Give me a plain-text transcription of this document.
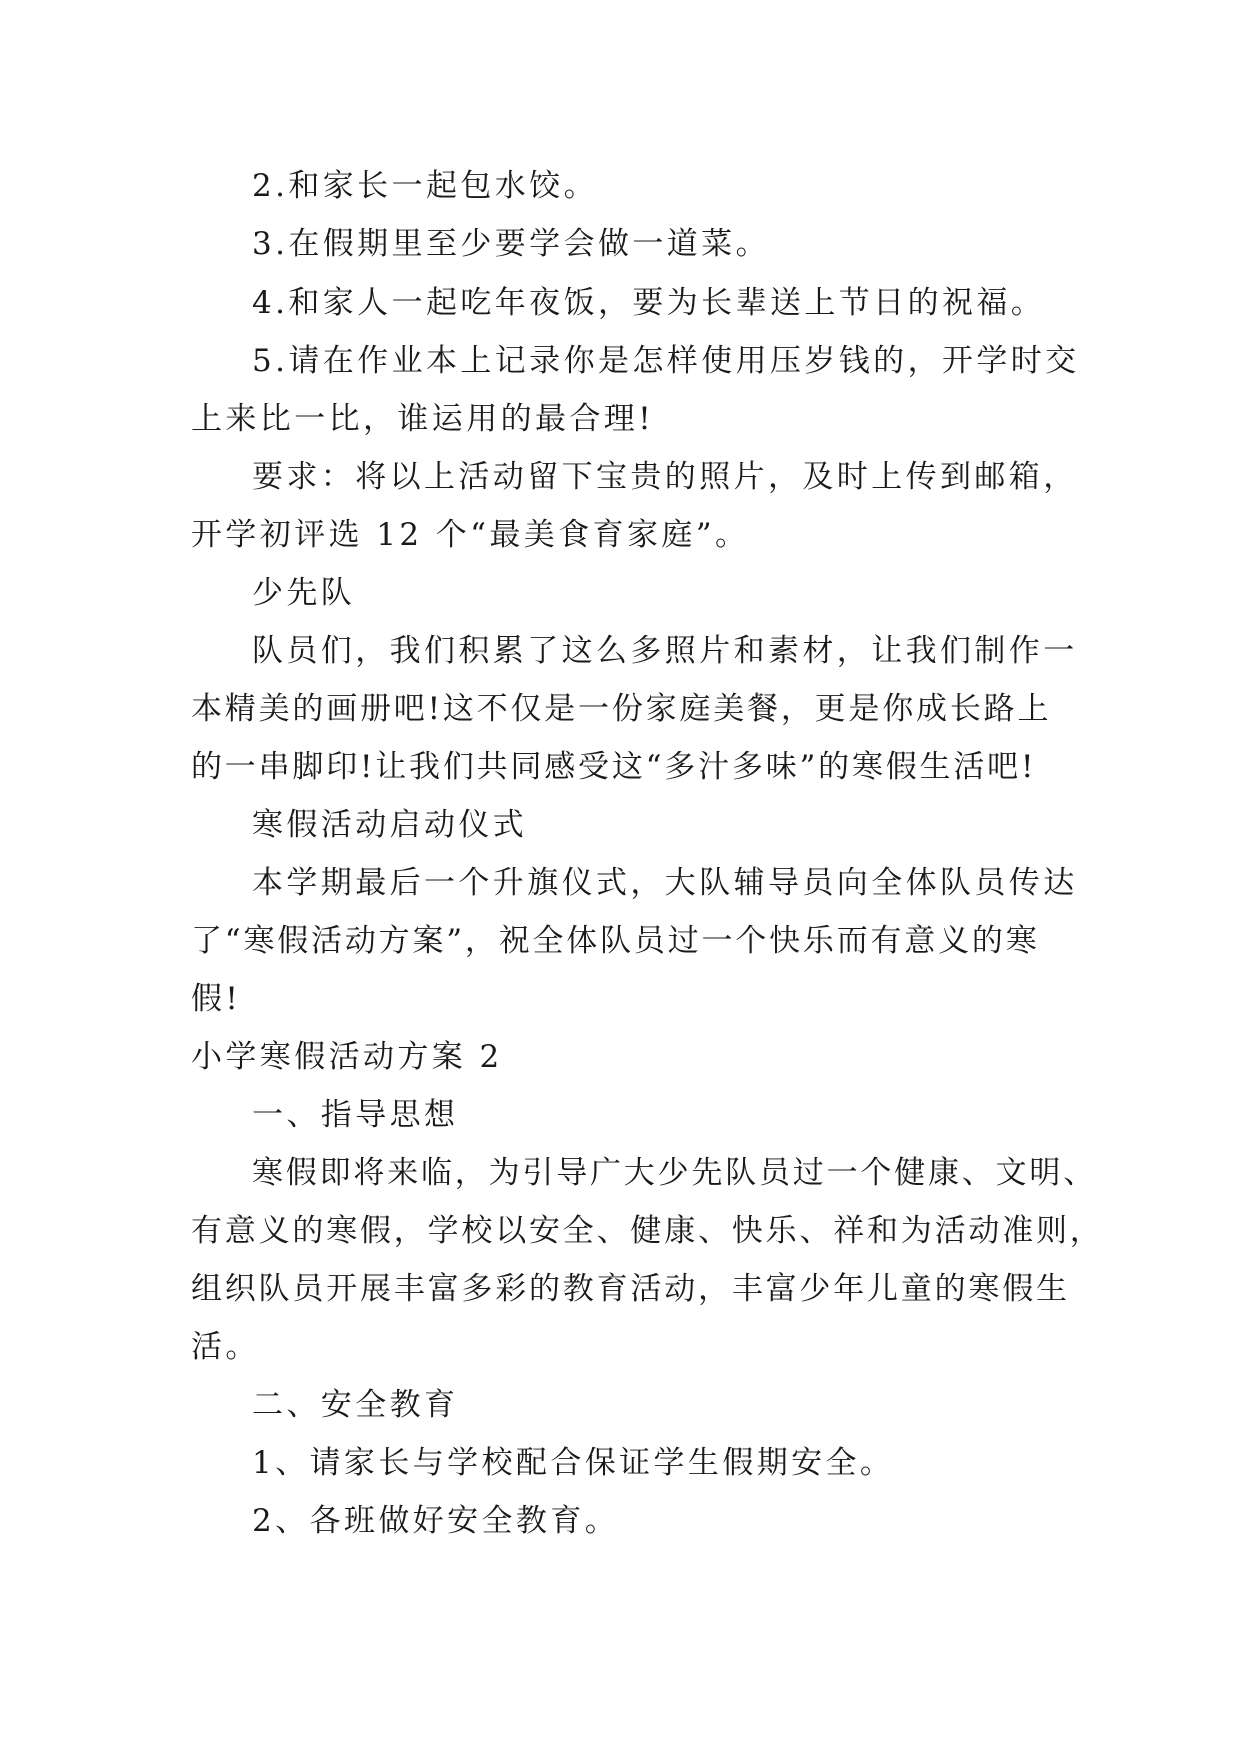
2.和家长一起包水饺。
3.在假期里至少要学会做一道菜。
4.和家人一起吃年夜饭，要为长辈送上节日的祝福。
5.请在作业本上记录你是怎样使用压岁钱的，开学时交
上来比一比，谁运用的最合理!
要求：将以上活动留下宝贵的照片，及时上传到邮箱，
开学初评选 12 个“最美食育家庭”。
少先队
队员们，我们积累了这么多照片和素材，让我们制作一
本精美的画册吧!这不仅是一份家庭美餐，更是你成长路上
的一串脚印!让我们共同感受这“多汁多味”的寒假生活吧!
寒假活动启动仪式
本学期最后一个升旗仪式，大队辅导员向全体队员传达
了“寒假活动方案”，祝全体队员过一个快乐而有意义的寒
假!
小学寒假活动方案 2
一、指导思想
寒假即将来临，为引导广大少先队员过一个健康、文明、
有意义的寒假，学校以安全、健康、快乐、祥和为活动准则，
组织队员开展丰富多彩的教育活动，丰富少年儿童的寒假生
活。
二、安全教育
1、请家长与学校配合保证学生假期安全。
2、各班做好安全教育。
